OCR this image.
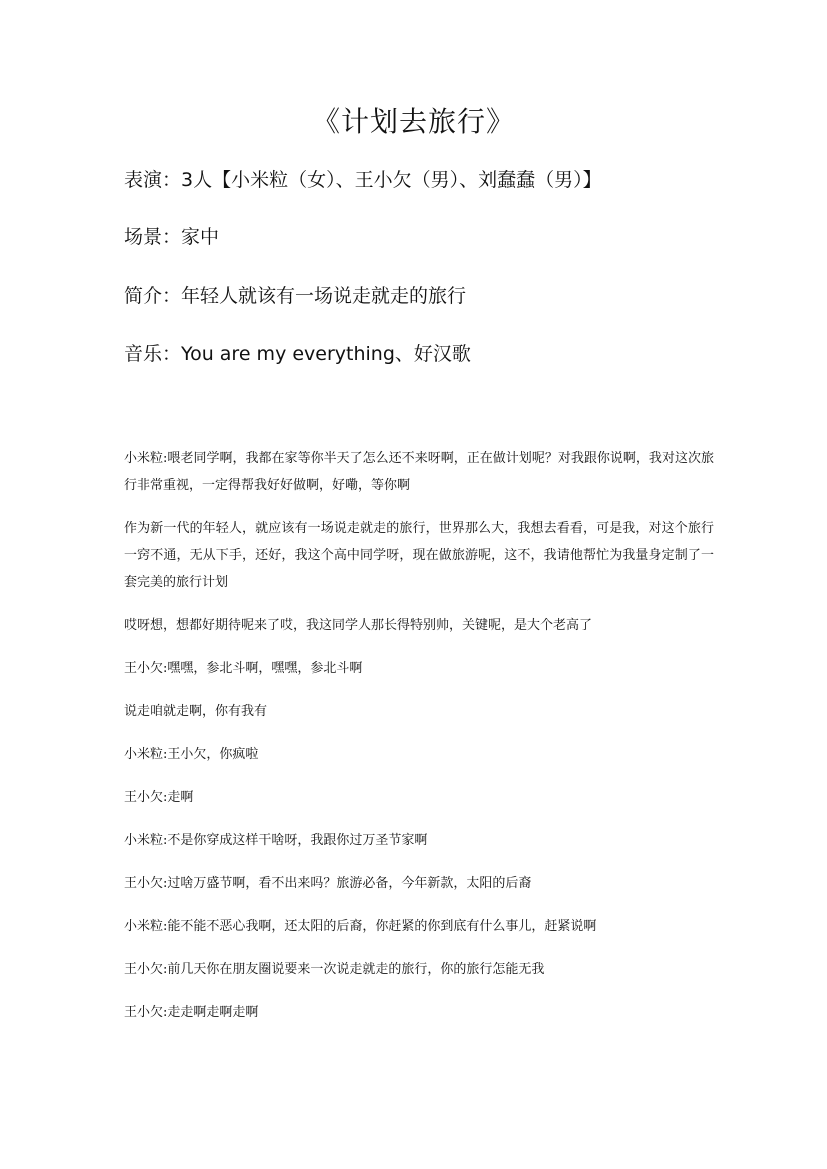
《计划去旅行》
表演：3人【小米粒（女）、王小欠（男）、刘蠢蠢（男）】
场景：家中
简介：年轻人就该有一场说走就走的旅行
音乐：You are my everything、好汉歌

小米粒:喂老同学啊，我都在家等你半天了怎么还不来呀啊，正在做计划呢？对我跟你说啊，我对这次旅行非常重视，一定得帮我好好做啊，好嘞，等你啊

作为新一代的年轻人，就应该有一场说走就走的旅行，世界那么大，我想去看看，可是我，对这个旅行一窍不通，无从下手，还好，我这个高中同学呀，现在做旅游呢，这不，我请他帮忙为我量身定制了一套完美的旅行计划

哎呀想，想都好期待呢来了哎，我这同学人那长得特别帅，关键呢，是大个老高了

王小欠:嘿嘿，参北斗啊，嘿嘿，参北斗啊

说走咱就走啊，你有我有

小米粒:王小欠，你疯啦

王小欠:走啊

小米粒:不是你穿成这样干啥呀，我跟你过万圣节家啊

王小欠:过啥万盛节啊，看不出来吗？旅游必备，今年新款，太阳的后裔

小米粒:能不能不恶心我啊，还太阳的后裔，你赶紧的你到底有什么事儿，赶紧说啊

王小欠:前几天你在朋友圈说要来一次说走就走的旅行，你的旅行怎能无我

王小欠:走走啊走啊走啊
